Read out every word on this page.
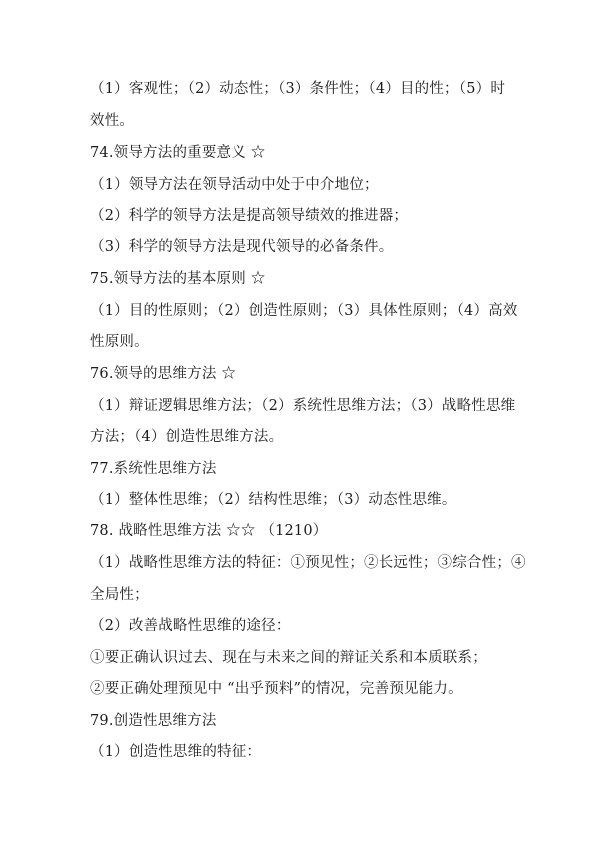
（1）客观性；（2）动态性；（3）条件性；（4）目的性；（5）时
效性。
74.领导方法的重要意义 ☆
（1）领导方法在领导活动中处于中介地位；
（2）科学的领导方法是提高领导绩效的推进器；
（3）科学的领导方法是现代领导的必备条件。
75.领导方法的基本原则 ☆
（1）目的性原则；（2）创造性原则；（3）具体性原则；（4）高效
性原则。
76.领导的思维方法 ☆
（1）辩证逻辑思维方法；（2）系统性思维方法；（3）战略性思维
方法；（4）创造性思维方法。
77.系统性思维方法
（1）整体性思维；（2）结构性思维；（3）动态性思维。
78. 战略性思维方法 ☆☆ （1210）
（1）战略性思维方法的特征：①预见性；②长远性；③综合性；④
全局性；
（2）改善战略性思维的途径：
①要正确认识过去、现在与未来之间的辩证关系和本质联系；
②要正确处理预见中 “出乎预料”的情况，完善预见能力。
79.创造性思维方法
（1）创造性思维的特征：
